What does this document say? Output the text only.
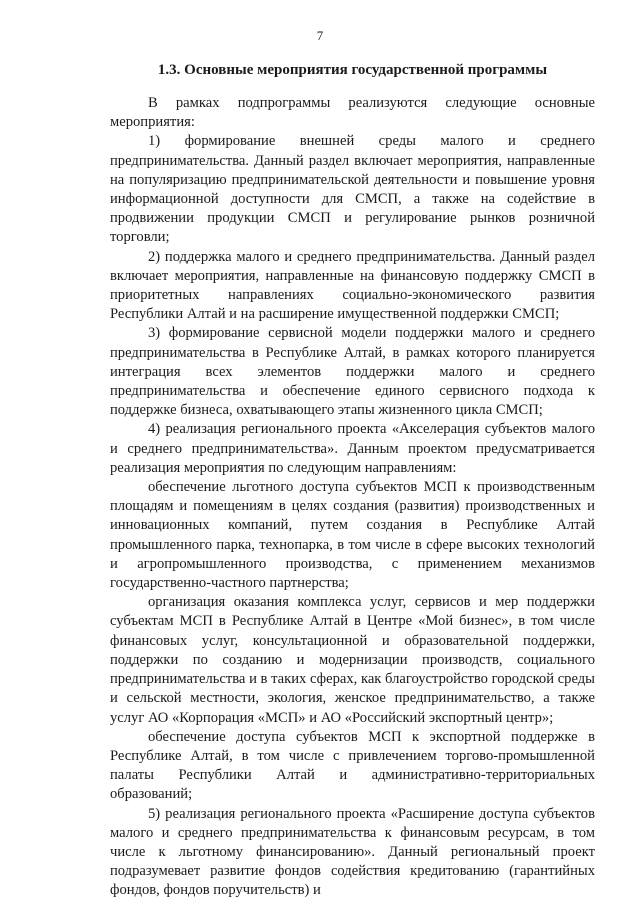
7
1.3. Основные мероприятия государственной программы

В рамках подпрограммы реализуются следующие основные мероприятия:

1) формирование внешней среды малого и среднего предпринимательства. Данный раздел включает мероприятия, направленные на популяризацию предпринимательской деятельности и повышение уровня информационной доступности для СМСП, а также на содействие в продвижении продукции СМСП и регулирование рынков розничной торговли;

2) поддержка малого и среднего предпринимательства. Данный раздел включает мероприятия, направленные на финансовую поддержку СМСП в приоритетных направлениях социально-экономического развития Республики Алтай и на расширение имущественной поддержки СМСП;

3) формирование сервисной модели поддержки малого и среднего предпринимательства в Республике Алтай, в рамках которого планируется интеграция всех элементов поддержки малого и среднего предпринимательства и обеспечение единого сервисного подхода к поддержке бизнеса, охватывающего этапы жизненного цикла СМСП;

4) реализация регионального проекта «Акселерация субъектов малого и среднего предпринимательства». Данным проектом предусматривается реализация мероприятия по следующим направлениям:

обеспечение льготного доступа субъектов МСП к производственным площадям и помещениям в целях создания (развития) производственных и инновационных компаний, путем создания в Республике Алтай промышленного парка, технопарка, в том числе в сфере высоких технологий и агропромышленного производства, с применением механизмов государственно-частного партнерства;

организация оказания комплекса услуг, сервисов и мер поддержки субъектам МСП в Республике Алтай в Центре «Мой бизнес», в том числе финансовых услуг, консультационной и образовательной поддержки, поддержки по созданию и модернизации производств, социального предпринимательства и в таких сферах, как благоустройство городской среды и сельской местности, экология, женское предпринимательство, а также услуг АО «Корпорация «МСП» и АО «Российский экспортный центр»;

обеспечение доступа субъектов МСП к экспортной поддержке в Республике Алтай, в том числе с привлечением торгово-промышленной палаты Республики Алтай и административно-территориальных образований;

5) реализация регионального проекта «Расширение доступа субъектов малого и среднего предпринимательства к финансовым ресурсам, в том числе к льготному финансированию». Данный региональный проект подразумевает развитие фондов содействия кредитованию (гарантийных фондов, фондов поручительств) и
